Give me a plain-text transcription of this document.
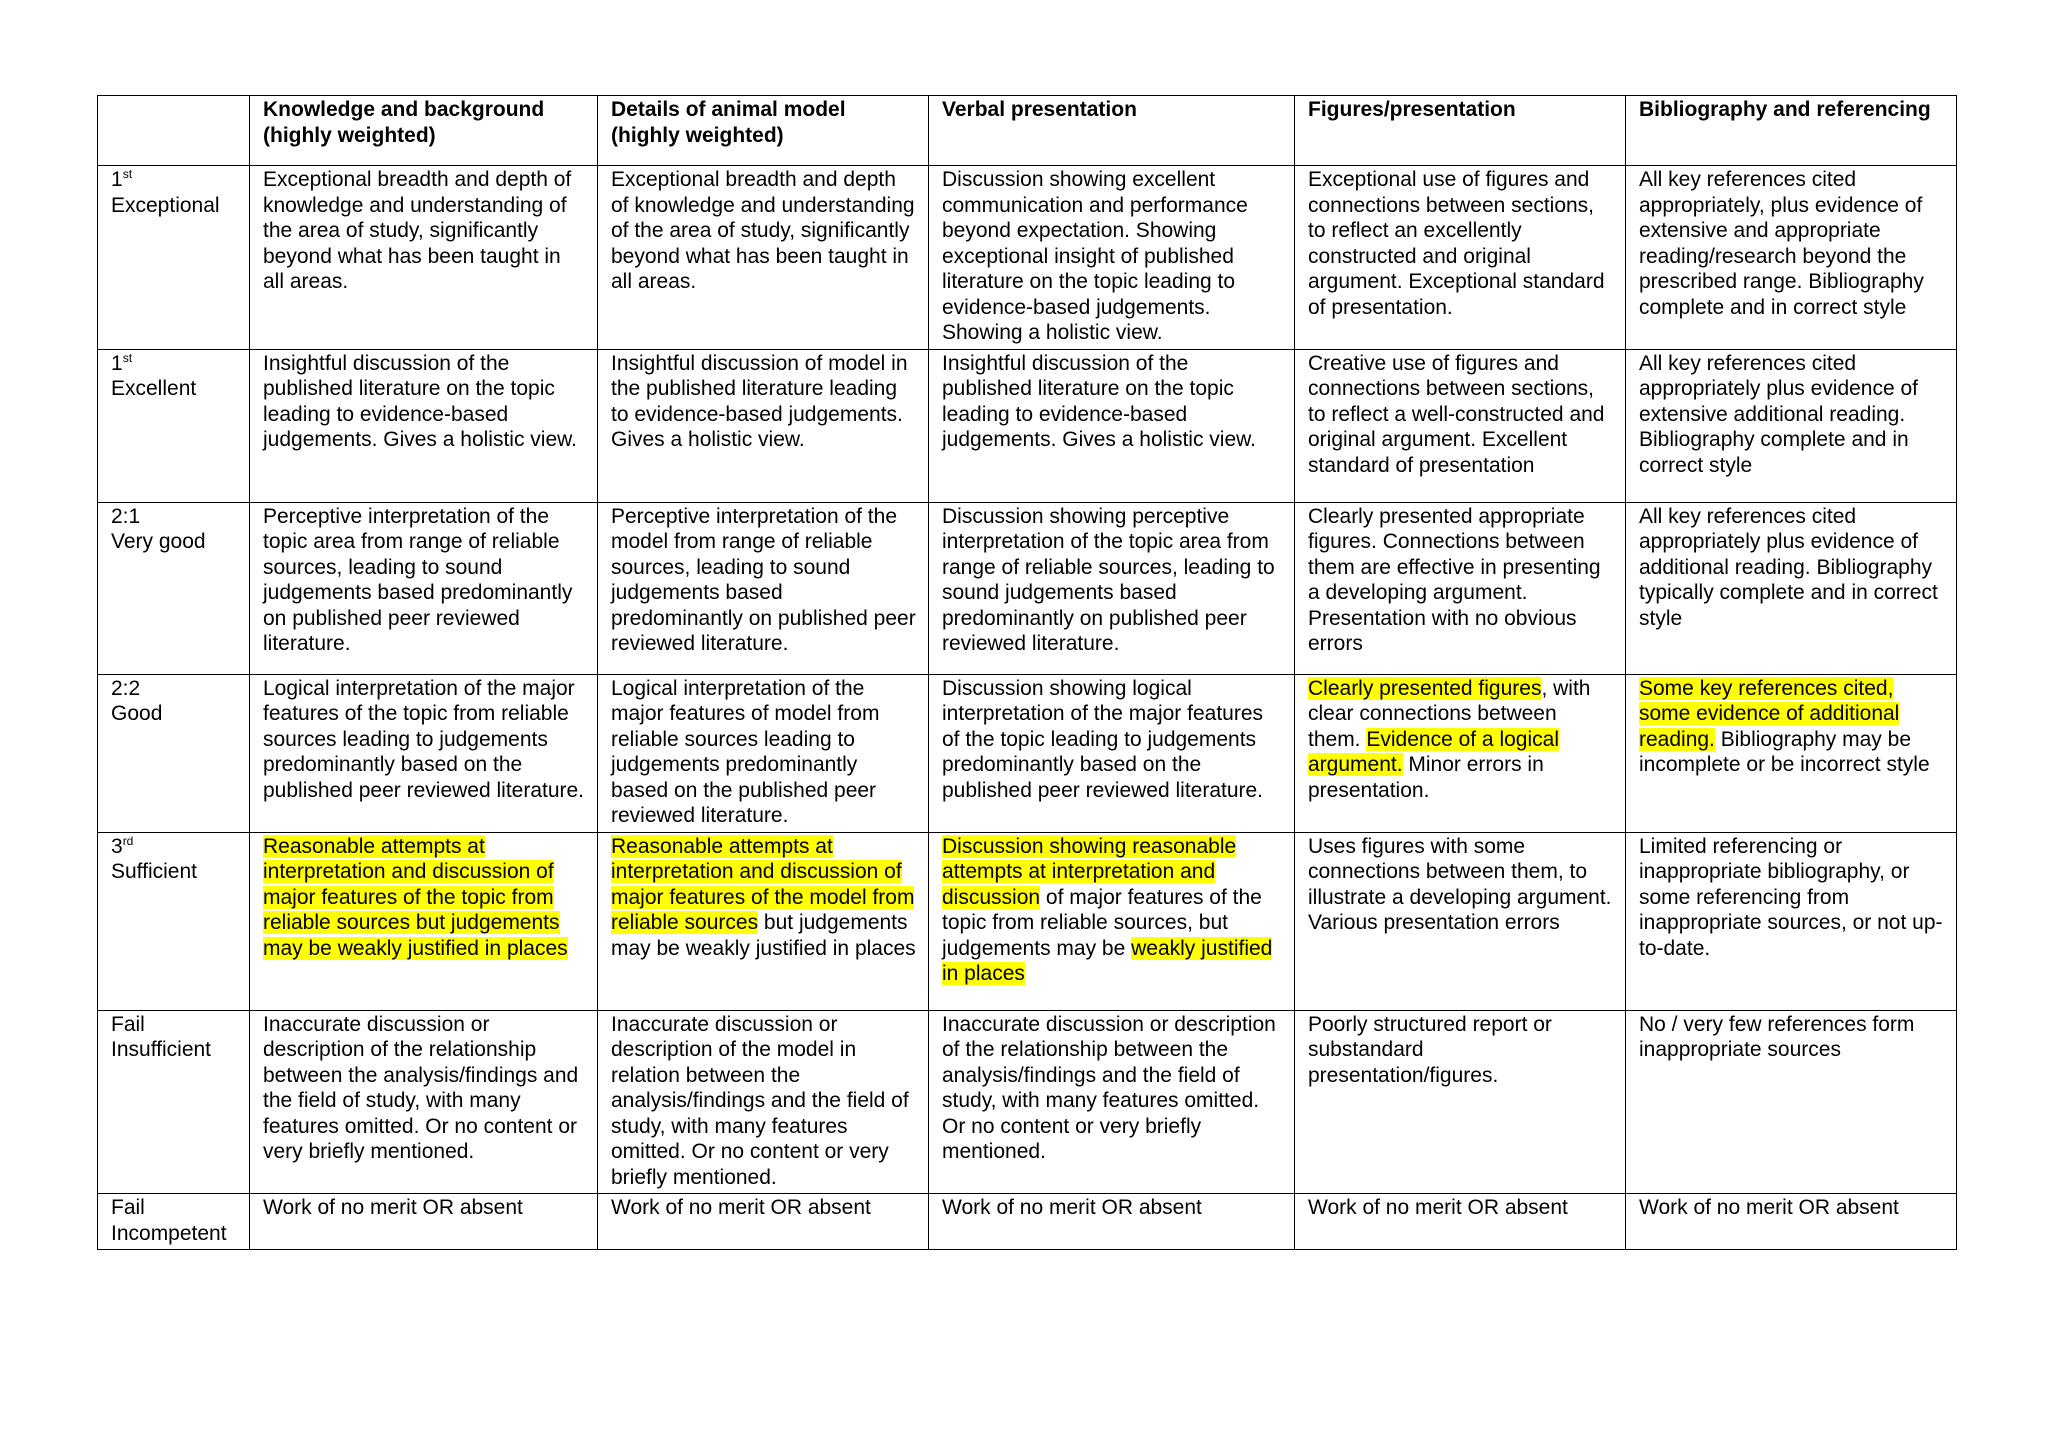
	Knowledge and background (highly weighted)	Details of animal model (highly weighted)	Verbal presentation	Figures/presentation	Bibliography and referencing
1st
Exceptional	Exceptional breadth and depth of knowledge and understanding of the area of study, significantly beyond what has been taught in all areas.	Exceptional breadth and depth of knowledge and understanding of the area of study, significantly beyond what has been taught in all areas.	Discussion showing excellent communication and performance beyond expectation. Showing exceptional insight of published literature on the topic leading to evidence-based judgements. Showing a holistic view.	Exceptional use of figures and connections between sections, to reflect an excellently constructed and original argument. Exceptional standard of presentation.	All key references cited appropriately, plus evidence of extensive and appropriate reading/research beyond the prescribed range. Bibliography complete and in correct style
1st
Excellent	Insightful discussion of the published literature on the topic leading to evidence-based judgements. Gives a holistic view.	Insightful discussion of model in the published literature leading to evidence-based judgements. Gives a holistic view.	Insightful discussion of the published literature on the topic leading to evidence-based judgements. Gives a holistic view.	Creative use of figures and connections between sections, to reflect a well-constructed and original argument. Excellent standard of presentation	All key references cited appropriately plus evidence of extensive additional reading. Bibliography complete and in correct style
2:1
Very good	Perceptive interpretation of the topic area from range of reliable sources, leading to sound judgements based predominantly on published peer reviewed literature.	Perceptive interpretation of the model from range of reliable sources, leading to sound judgements based predominantly on published peer reviewed literature.	Discussion showing perceptive interpretation of the topic area from range of reliable sources, leading to sound judgements based predominantly on published peer reviewed literature.	Clearly presented appropriate figures. Connections between them are effective in presenting a developing argument. Presentation with no obvious errors	All key references cited appropriately plus evidence of additional reading. Bibliography typically complete and in correct style
2:2
Good	Logical interpretation of the major features of the topic from reliable sources leading to judgements predominantly based on the published peer reviewed literature.	Logical interpretation of the major features of model from reliable sources leading to judgements predominantly based on the published peer reviewed literature.	Discussion showing logical interpretation of the major features of the topic leading to judgements predominantly based on the published peer reviewed literature.	Clearly presented figures, with clear connections between them. Evidence of a logical argument. Minor errors in presentation.	Some key references cited, some evidence of additional reading. Bibliography may be incomplete or be incorrect style
3rd
Sufficient	Reasonable attempts at interpretation and discussion of major features of the topic from reliable sources but judgements may be weakly justified in places	Reasonable attempts at interpretation and discussion of major features of the model from reliable sources but judgements may be weakly justified in places	Discussion showing reasonable attempts at interpretation and discussion of major features of the topic from reliable sources, but judgements may be weakly justified in places	Uses figures with some connections between them, to illustrate a developing argument. Various presentation errors	Limited referencing or inappropriate bibliography, or some referencing from inappropriate sources, or not up-to-date.
Fail
Insufficient	Inaccurate discussion or description of the relationship between the analysis/findings and the field of study, with many features omitted. Or no content or very briefly mentioned.	Inaccurate discussion or description of the model in relation between the analysis/findings and the field of study, with many features omitted. Or no content or very briefly mentioned.	Inaccurate discussion or description of the relationship between the analysis/findings and the field of study, with many features omitted. Or no content or very briefly mentioned.	Poorly structured report or substandard presentation/figures.	No / very few references form inappropriate sources
Fail
Incompetent	Work of no merit OR absent	Work of no merit OR absent	Work of no merit OR absent	Work of no merit OR absent	Work of no merit OR absent
